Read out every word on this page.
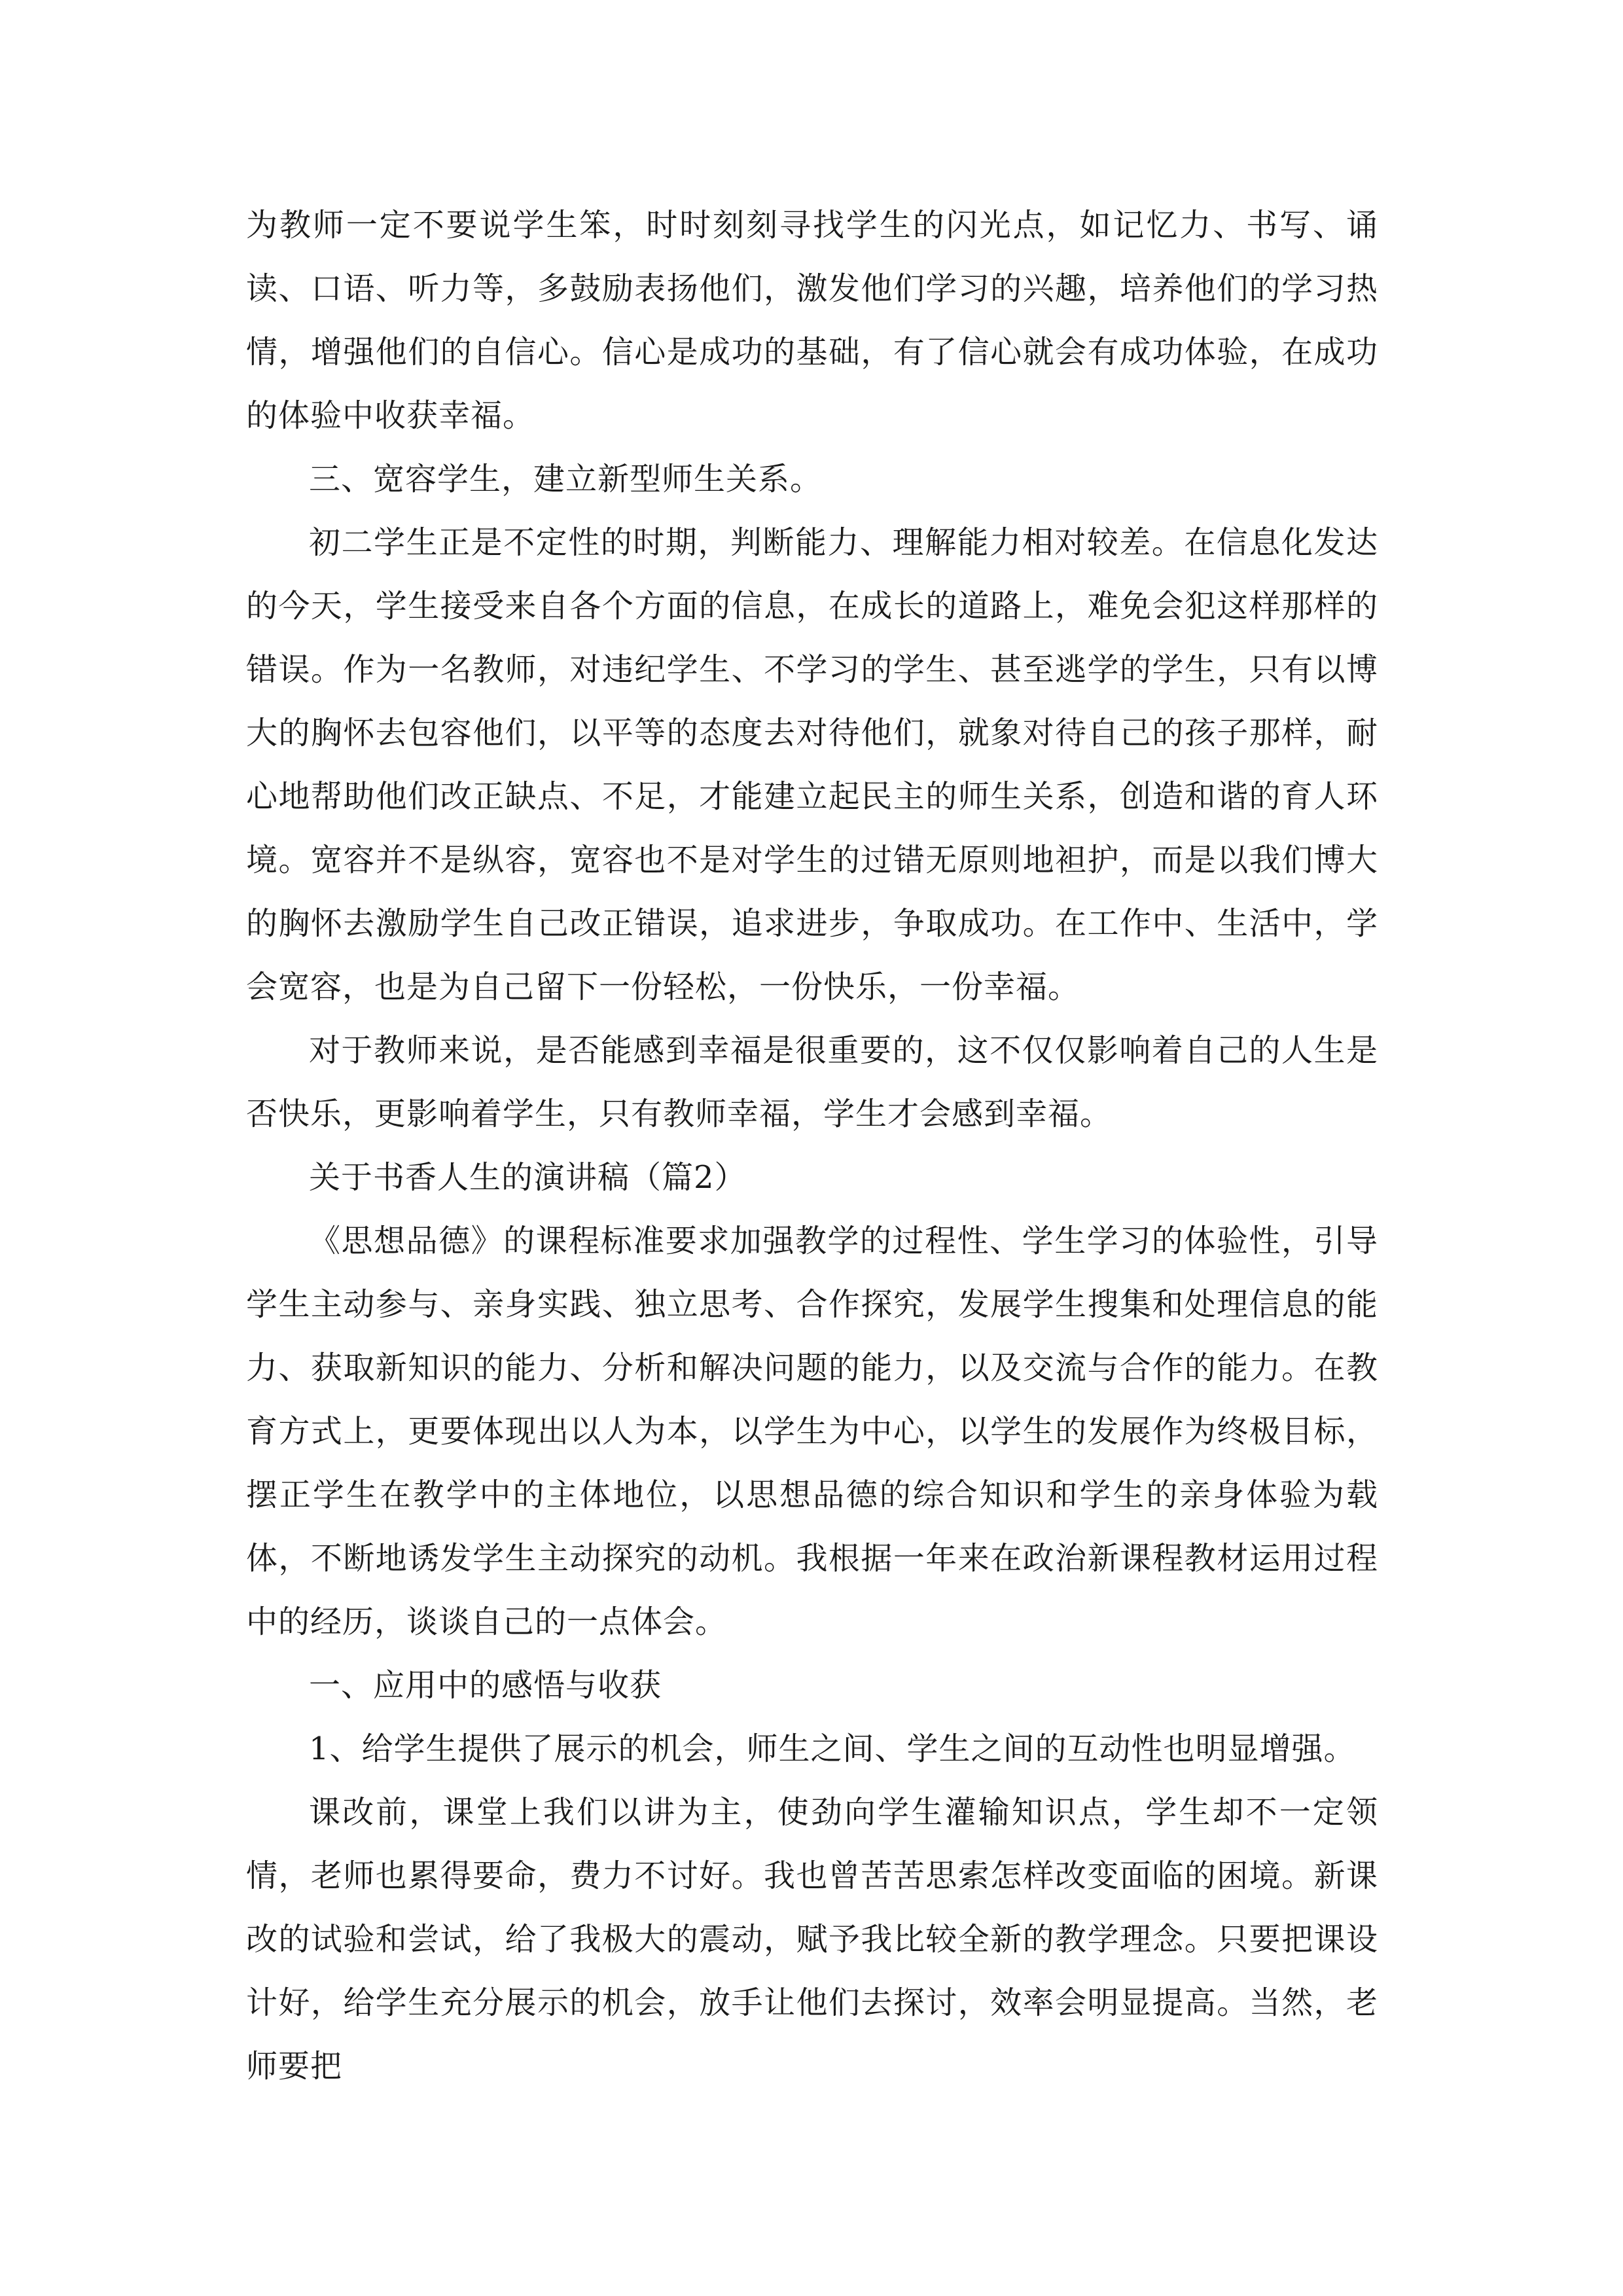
为教师一定不要说学生笨，时时刻刻寻找学生的闪光点，如记忆力、书写、诵读、口语、听力等，多鼓励表扬他们，激发他们学习的兴趣，培养他们的学习热情，增强他们的自信心。信心是成功的基础，有了信心就会有成功体验，在成功的体验中收获幸福。

三、宽容学生，建立新型师生关系。

初二学生正是不定性的时期，判断能力、理解能力相对较差。在信息化发达的今天，学生接受来自各个方面的信息，在成长的道路上，难免会犯这样那样的错误。作为一名教师，对违纪学生、不学习的学生、甚至逃学的学生，只有以博大的胸怀去包容他们，以平等的态度去对待他们，就象对待自己的孩子那样，耐心地帮助他们改正缺点、不足，才能建立起民主的师生关系，创造和谐的育人环境。宽容并不是纵容，宽容也不是对学生的过错无原则地袒护，而是以我们博大的胸怀去激励学生自己改正错误，追求进步，争取成功。在工作中、生活中，学会宽容，也是为自己留下一份轻松，一份快乐，一份幸福。

对于教师来说，是否能感到幸福是很重要的，这不仅仅影响着自己的人生是否快乐，更影响着学生，只有教师幸福，学生才会感到幸福。

关于书香人生的演讲稿（篇2）

《思想品德》的课程标准要求加强教学的过程性、学生学习的体验性，引导学生主动参与、亲身实践、独立思考、合作探究，发展学生搜集和处理信息的能力、获取新知识的能力、分析和解决问题的能力，以及交流与合作的能力。在教育方式上，更要体现出以人为本，以学生为中心，以学生的发展作为终极目标，摆正学生在教学中的主体地位，以思想品德的综合知识和学生的亲身体验为载体，不断地诱发学生主动探究的动机。我根据一年来在政治新课程教材运用过程中的经历，谈谈自己的一点体会。

一、应用中的感悟与收获

1、给学生提供了展示的机会，师生之间、学生之间的互动性也明显增强。

课改前，课堂上我们以讲为主，使劲向学生灌输知识点，学生却不一定领情，老师也累得要命，费力不讨好。我也曾苦苦思索怎样改变面临的困境。新课改的试验和尝试，给了我极大的震动，赋予我比较全新的教学理念。只要把课设计好，给学生充分展示的机会，放手让他们去探讨，效率会明显提高。当然，老师要把
